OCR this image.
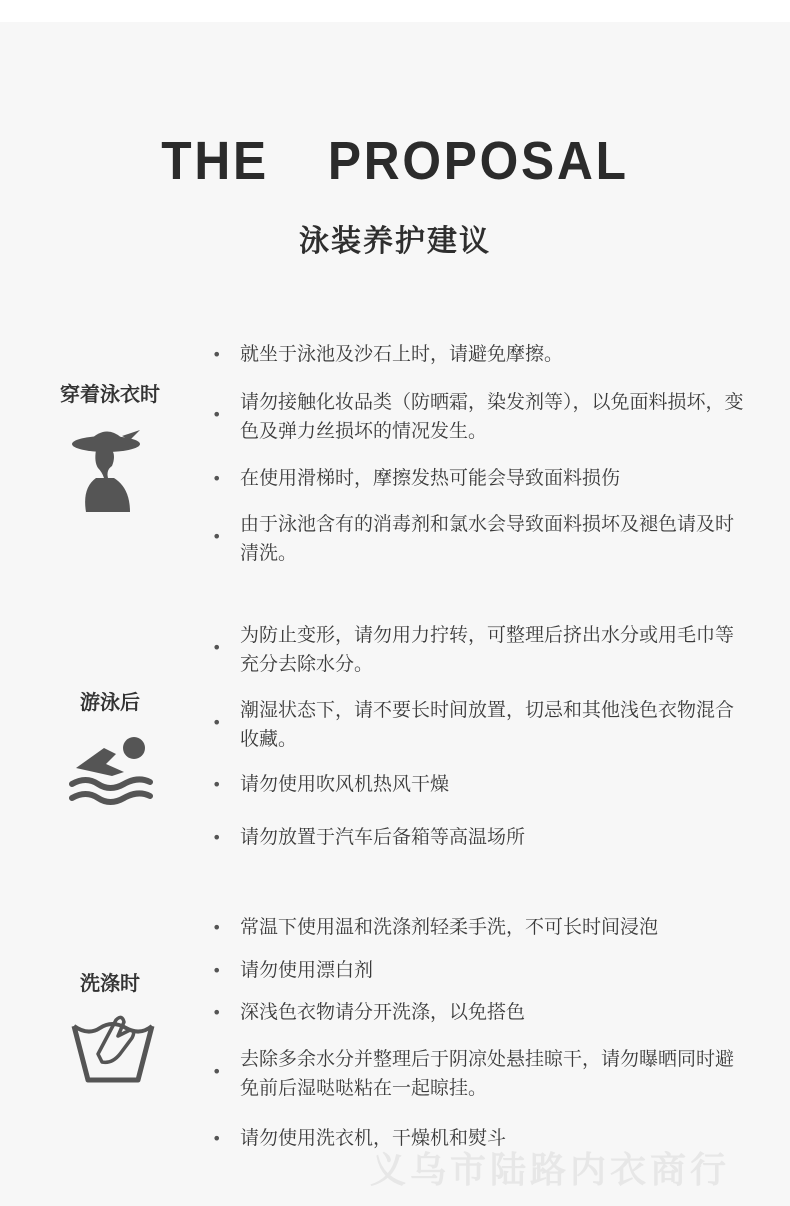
THE  PROPOSAL
泳装养护建议
穿着泳衣时
• 就坐于泳池及沙石上时，请避免摩擦。
•
请勿接触化妆品类（防晒霜，染发剂等），以免面料损坏，变色及弹力丝损坏的情况发生。
• 在使用滑梯时，摩擦发热可能会导致面料损伤
•
由于泳池含有的消毒剂和氯水会导致面料损坏及褪色请及时清洗。
游泳后
•
为防止变形，请勿用力拧转，可整理后挤出水分或用毛巾等充分去除水分。
•
潮湿状态下，请不要长时间放置，切忌和其他浅色衣物混合收藏。
• 请勿使用吹风机热风干燥
• 请勿放置于汽车后备箱等高温场所
洗涤时
• 常温下使用温和洗涤剂轻柔手洗，不可长时间浸泡
• 请勿使用漂白剂
• 深浅色衣物请分开洗涤，以免搭色
•
去除多余水分并整理后于阴凉处悬挂晾干，请勿曝晒同时避免前后湿哒哒粘在一起晾挂。
• 请勿使用洗衣机，干燥机和熨斗
义乌市陆路内衣商行
